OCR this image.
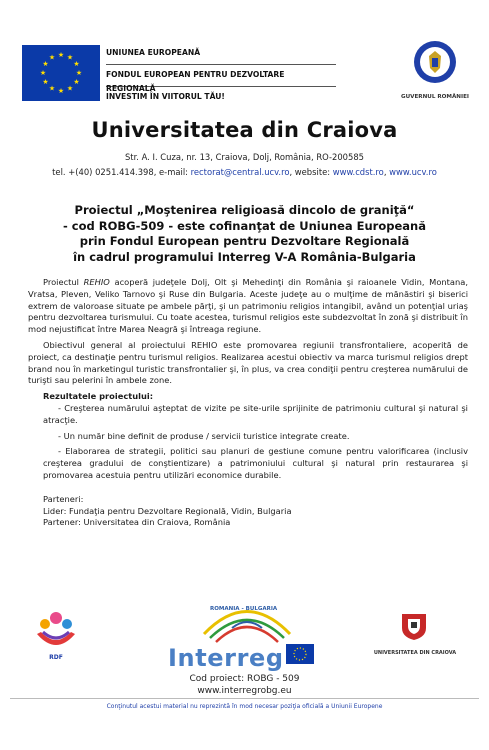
★ ★
★
★
★
★
★
★
★
★
★
★
UNIUNEA EUROPEANĂ
FONDUL EUROPEAN PENTRU DEZVOLTARE REGIONALĂ
INVESTIM ÎN VIITORUL TĂU!	GUVERNUL ROMÂNIEI
Universitatea din Craiova
Str. A. I. Cuza, nr. 13, Craiova, Dolj, România, RO-200585
tel. +(40) 0251.414.398, e-mail: rectorat@central.ucv.ro, website: www.cdst.ro, www.ucv.ro
Proiectul „Moştenirea religioasă dincolo de graniţă“
- cod ROBG-509 - este cofinanţat de Uniunea Europeană
prin Fondul European pentru Dezvoltare Regională
în cadrul programului Interreg V-A România-Bulgaria

Proiectul REHIO acoperă judeţele Dolj, Olt şi Mehedinţi din România şi raioanele Vidin, Montana, Vratsa, Pleven, Veliko Tarnovo şi Ruse din Bulgaria. Aceste judeţe au o mulţime de mănăstiri şi biserici extrem de valoroase situate pe ambele părţi, şi un patrimoniu religios intangibil, având un potenţial uriaş pentru dezvoltarea turismului. Cu toate acestea, turismul religios este subdezvoltat în zonă şi distribuit în mod nejustificat între Marea Neagră şi întreaga regiune.

Obiectivul general al proiectului REHIO este promovarea regiunii transfrontaliere, acoperită de proiect, ca destinaţie pentru turismul religios. Realizarea acestui obiectiv va marca turismul religios drept brand nou în marketingul turistic transfrontalier şi, în plus, va crea condiţii pentru creşterea numărului de turişti sau pelerini în ambele zone.

Rezultatele proiectului:

- Creşterea numărului aşteptat de vizite pe site-urile sprijinite de patrimoniu cultural şi natural şi atracţie.

- Un număr bine definit de produse / servicii turistice integrate create.

- Elaborarea de strategii, politici sau planuri de gestiune comune pentru valorificarea (inclusiv creşterea gradului de conştientizare) a patrimoniului cultural şi natural prin restaurarea şi promovarea acestuia pentru utilizări economice durabile.

Parteneri:
Lider: Fundaţia pentru Dezvoltare Regională, Vidin, Bulgaria
Partener: Universitatea din Craiova, România
RDF
ROMANIA - BULGARIA
Interreg	UNIVERSITATEA DIN CRAIOVA
Cod proiect: ROBG - 509
www.interregrobg.eu
Conţinutul acestui material nu reprezintă în mod necesar poziţia oficială a Uniunii Europene
